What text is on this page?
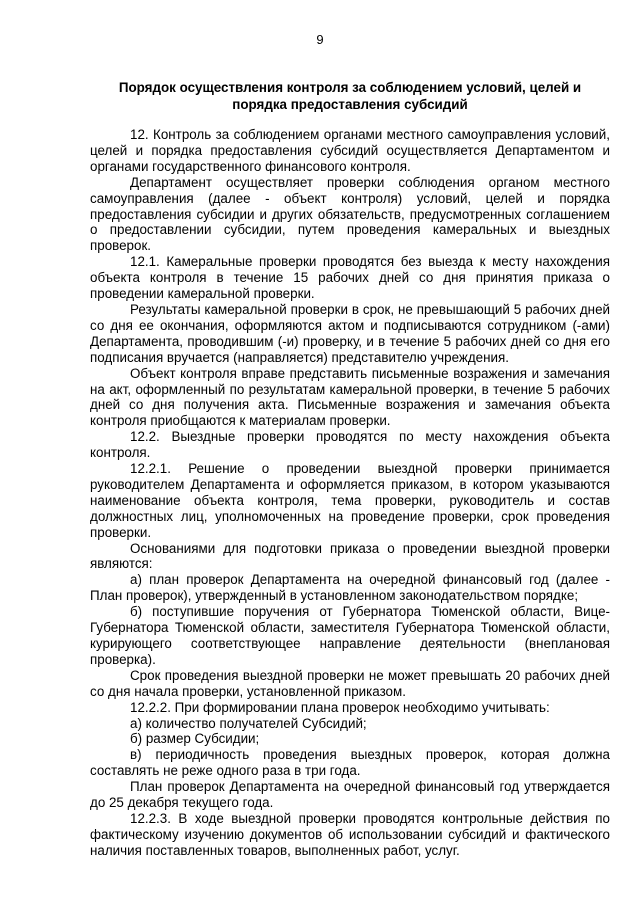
9
Порядок осуществления контроля за соблюдением условий, целей и порядка предоставления субсидий

12. Контроль за соблюдением органами местного самоуправления условий, целей и порядка предоставления субсидий осуществляется Департаментом и органами государственного финансового контроля.

Департамент осуществляет проверки соблюдения органом местного самоуправления (далее - объект контроля) условий, целей и порядка предоставления субсидии и других обязательств, предусмотренных соглашением о предоставлении субсидии, путем проведения камеральных и выездных проверок.

12.1. Камеральные проверки проводятся без выезда к месту нахождения объекта контроля в течение 15 рабочих дней со дня принятия приказа о проведении камеральной проверки.

Результаты камеральной проверки в срок, не превышающий 5 рабочих дней со дня ее окончания, оформляются актом и подписываются сотрудником (-ами) Департамента, проводившим (-и) проверку, и в течение 5 рабочих дней со дня его подписания вручается (направляется) представителю учреждения.

Объект контроля вправе представить письменные возражения и замечания на акт, оформленный по результатам камеральной проверки, в течение 5 рабочих дней со дня получения акта. Письменные возражения и замечания объекта контроля приобщаются к материалам проверки.

12.2. Выездные проверки проводятся по месту нахождения объекта контроля.

12.2.1. Решение о проведении выездной проверки принимается руководителем Департамента и оформляется приказом, в котором указываются наименование объекта контроля, тема проверки, руководитель и состав должностных лиц, уполномоченных на проведение проверки, срок проведения проверки.

Основаниями для подготовки приказа о проведении выездной проверки являются:

а) план проверок Департамента на очередной финансовый год (далее - План проверок), утвержденный в установленном законодательством порядке;

б) поступившие поручения от Губернатора Тюменской области, Вице-Губернатора Тюменской области, заместителя Губернатора Тюменской области, курирующего соответствующее направление деятельности (внеплановая проверка).

Срок проведения выездной проверки не может превышать 20 рабочих дней со дня начала проверки, установленной приказом.

12.2.2. При формировании плана проверок необходимо учитывать:

а) количество получателей Субсидий;

б) размер Субсидии;

в) периодичность проведения выездных проверок, которая должна составлять не реже одного раза в три года.

План проверок Департамента на очередной финансовый год утверждается до 25 декабря текущего года.

12.2.3. В ходе выездной проверки проводятся контрольные действия по фактическому изучению документов об использовании субсидий и фактического наличия поставленных товаров, выполненных работ, услуг.
